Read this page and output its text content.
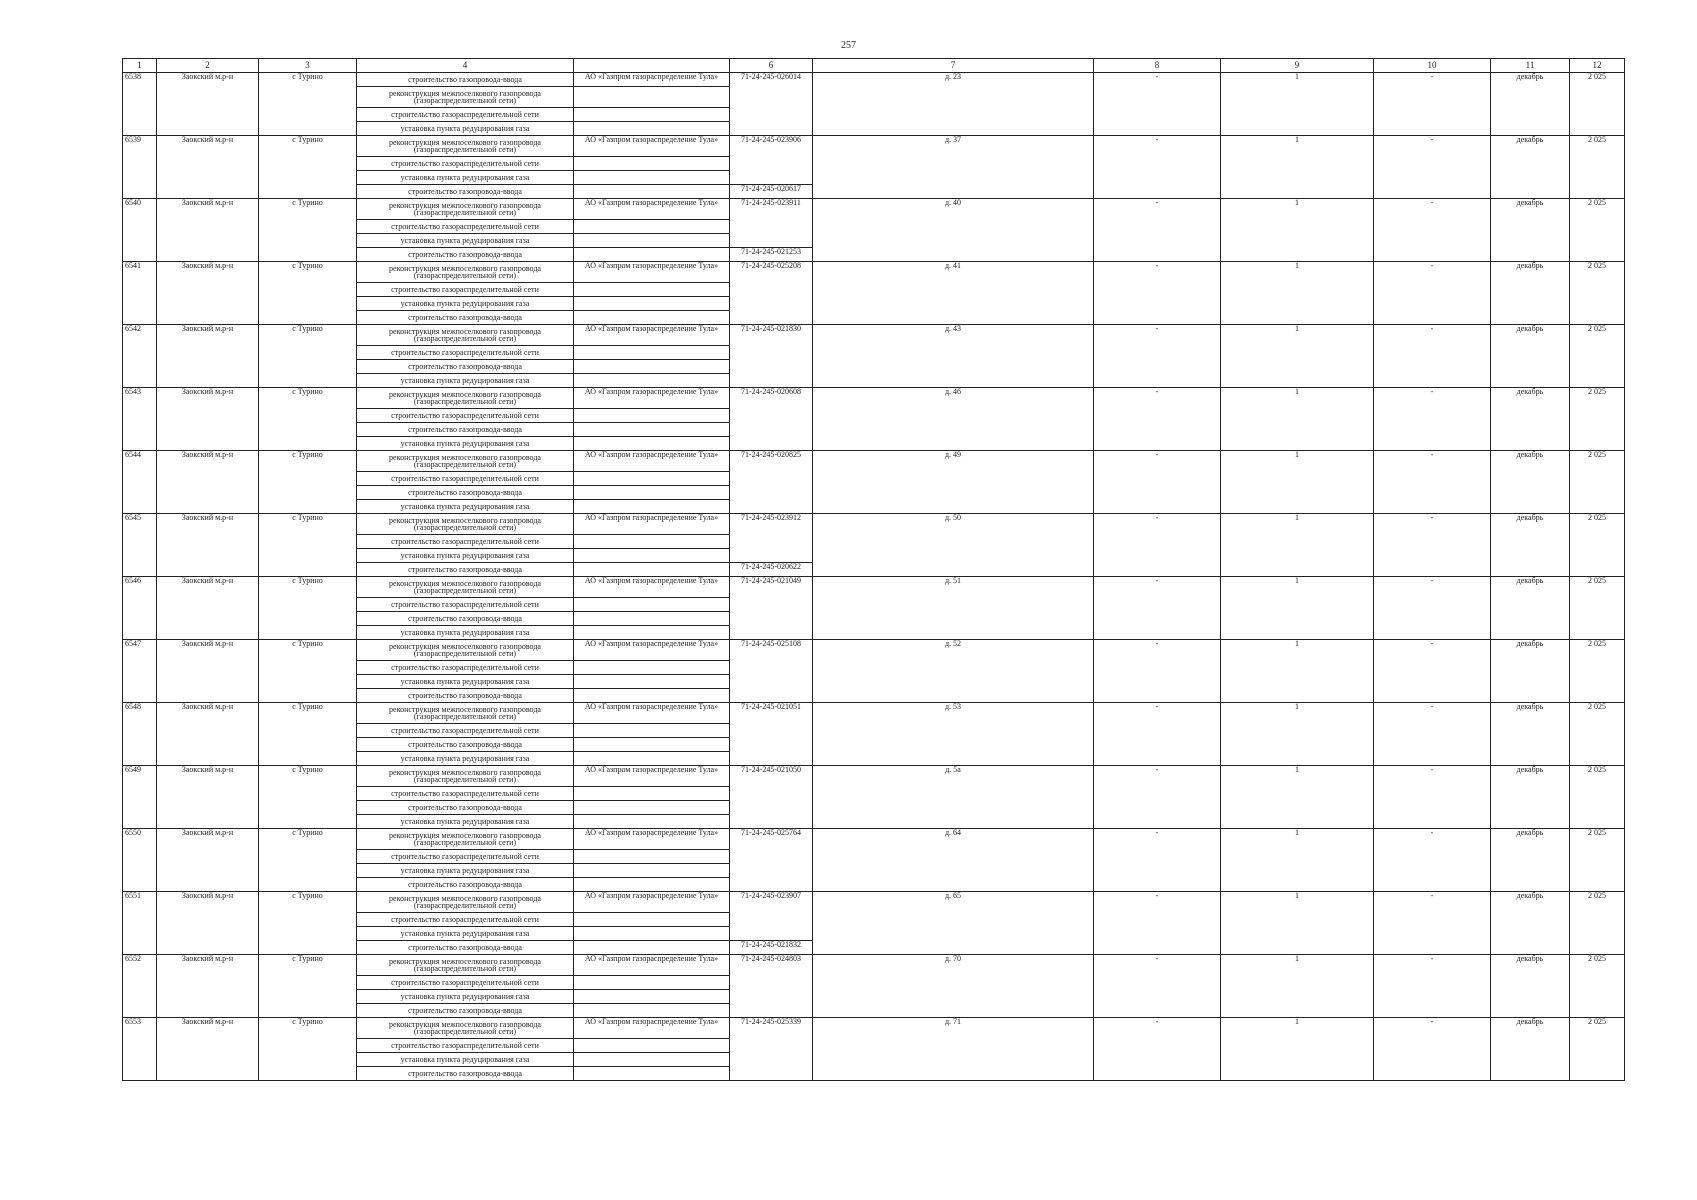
257
1	2	3	4		6	7	8	9	10	11	12
6538	Заокский м.р-н	с Турино	строительство газопровода-ввода	АО «Газпром газораспределение Тула»	71-24-245-026014	д. 23	-	1	-	декабрь	2 025
			реконструкция межпоселкового газопровода (газораспределительной сети)								
			строительство газораспределительной сети								
			установка пункта редуцирования газа								
6539	Заокский м.р-н	с Турино	реконструкция межпоселкового газопровода (газораспределительной сети)	АО «Газпром газораспределение Тула»	71-24-245-023906	д. 37	-	1	-	декабрь	2 025
			строительство газораспределительной сети								
			установка пункта редуцирования газа								
			строительство газопровода-ввода		71-24-245-020617						
6540	Заокский м.р-н	с Турино	реконструкция межпоселкового газопровода (газораспределительной сети)	АО «Газпром газораспределение Тула»	71-24-245-023911	д. 40	-	1	-	декабрь	2 025
			строительство газораспределительной сети								
			установка пункта редуцирования газа								
			строительство газопровода-ввода		71-24-245-021253						
6541	Заокский м.р-н	с Турино	реконструкция межпоселкового газопровода (газораспределительной сети)	АО «Газпром газораспределение Тула»	71-24-245-025208	д. 41	-	1	-	декабрь	2 025
			строительство газораспределительной сети								
			установка пункта редуцирования газа								
			строительство газопровода-ввода								
6542	Заокский м.р-н	с Турино	реконструкция межпоселкового газопровода (газораспределительной сети)	АО «Газпром газораспределение Тула»	71-24-245-021830	д. 43	-	1	-	декабрь	2 025
			строительство газораспределительной сети								
			строительство газопровода-ввода								
			установка пункта редуцирования газа								
6543	Заокский м.р-н	с Турино	реконструкция межпоселкового газопровода (газораспределительной сети)	АО «Газпром газораспределение Тула»	71-24-245-020608	д. 46	-	1	-	декабрь	2 025
			строительство газораспределительной сети								
			строительство газопровода-ввода								
			установка пункта редуцирования газа								
6544	Заокский м.р-н	с Турино	реконструкция межпоселкового газопровода (газораспределительной сети)	АО «Газпром газораспределение Тула»	71-24-245-020825	д. 49	-	1	-	декабрь	2 025
			строительство газораспределительной сети								
			строительство газопровода-ввода								
			установка пункта редуцирования газа								
6545	Заокский м.р-н	с Турино	реконструкция межпоселкового газопровода (газораспределительной сети)	АО «Газпром газораспределение Тула»	71-24-245-023912	д. 50	-	1	-	декабрь	2 025
			строительство газораспределительной сети								
			установка пункта редуцирования газа								
			строительство газопровода-ввода		71-24-245-020622						
6546	Заокский м.р-н	с Турино	реконструкция межпоселкового газопровода (газораспределительной сети)	АО «Газпром газораспределение Тула»	71-24-245-021049	д. 51	-	1	-	декабрь	2 025
			строительство газораспределительной сети								
			строительство газопровода-ввода								
			установка пункта редуцирования газа								
6547	Заокский м.р-н	с Турино	реконструкция межпоселкового газопровода (газораспределительной сети)	АО «Газпром газораспределение Тула»	71-24-245-025108	д. 52	-	1	-	декабрь	2 025
			строительство газораспределительной сети								
			установка пункта редуцирования газа								
			строительство газопровода-ввода								
6548	Заокский м.р-н	с Турино	реконструкция межпоселкового газопровода (газораспределительной сети)	АО «Газпром газораспределение Тула»	71-24-245-021051	д. 53	-	1	-	декабрь	2 025
			строительство газораспределительной сети								
			строительство газопровода-ввода								
			установка пункта редуцирования газа								
6549	Заокский м.р-н	с Турино	реконструкция межпоселкового газопровода (газораспределительной сети)	АО «Газпром газораспределение Тула»	71-24-245-021050	д. 5а	-	1	-	декабрь	2 025
			строительство газораспределительной сети								
			строительство газопровода-ввода								
			установка пункта редуцирования газа								
6550	Заокский м.р-н	с Турино	реконструкция межпоселкового газопровода (газораспределительной сети)	АО «Газпром газораспределение Тула»	71-24-245-025764	д. 64	-	1	-	декабрь	2 025
			строительство газораспределительной сети								
			установка пункта редуцирования газа								
			строительство газопровода-ввода								
6551	Заокский м.р-н	с Турино	реконструкция межпоселкового газопровода (газораспределительной сети)	АО «Газпром газораспределение Тула»	71-24-245-023907	д. 65	-	1	-	декабрь	2 025
			строительство газораспределительной сети								
			установка пункта редуцирования газа								
			строительство газопровода-ввода		71-24-245-021832						
6552	Заокский м.р-н	с Турино	реконструкция межпоселкового газопровода (газораспределительной сети)	АО «Газпром газораспределение Тула»	71-24-245-024803	д. 70	-	1	-	декабрь	2 025
			строительство газораспределительной сети								
			установка пункта редуцирования газа								
			строительство газопровода-ввода								
6553	Заокский м.р-н	с Турино	реконструкция межпоселкового газопровода (газораспределительной сети)	АО «Газпром газораспределение Тула»	71-24-245-025339	д. 71	-	1	-	декабрь	2 025
			строительство газораспределительной сети								
			установка пункта редуцирования газа								
			строительство газопровода-ввода								
